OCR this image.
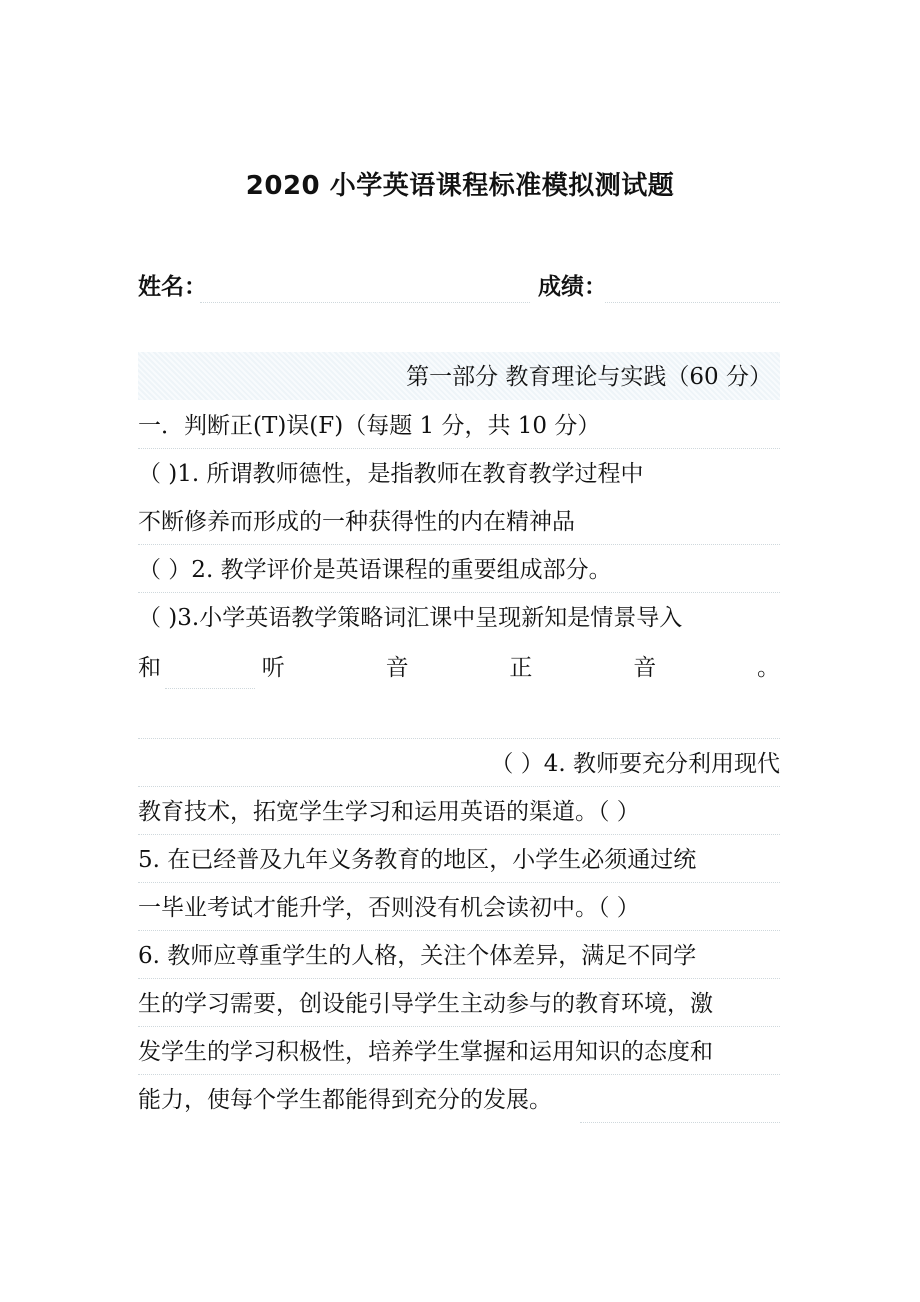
2020 小学英语课程标准模拟测试题
姓名：	成绩：
第一部分 教育理论与实践（60 分）
一．判断正(T)误(F)（每题 1 分，共 10 分）
（ )1. 所谓教师德性，是指教师在教育教学过程中
不断修养而形成的一种获得性的内在精神品
（ ）2. 教学评价是英语课程的重要组成部分。
（ )3.小学英语教学策略词汇课中呈现新知是情景导入
和	听	音	正	音	。
（ ）4. 教师要充分利用现代
教育技术，拓宽学生学习和运用英语的渠道。（ ）
5. 在已经普及九年义务教育的地区，小学生必须通过统
一毕业考试才能升学，否则没有机会读初中。（ ）
6. 教师应尊重学生的人格，关注个体差异，满足不同学
生的学习需要，创设能引导学生主动参与的教育环境，激
发学生的学习积极性，培养学生掌握和运用知识的态度和
能力，使每个学生都能得到充分的发展。
